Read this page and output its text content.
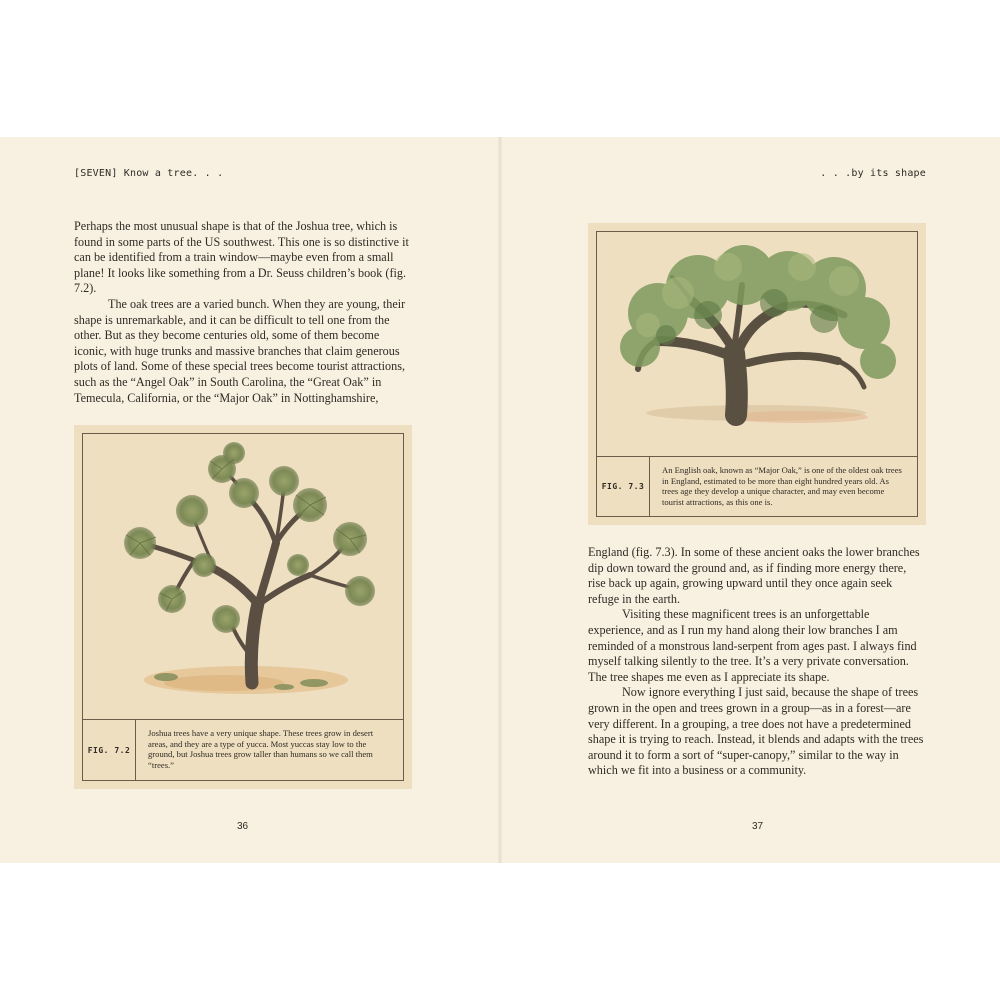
[SEVEN] Know a tree. . .	. . .by its shape

Perhaps the most unusual shape is that of the Joshua tree, which is found in some parts of the US southwest. This one is so distinctive it can be identified from a train window—maybe even from a small plane! It looks like something from a Dr. Seuss children’s book (fig. 7.2).

The oak trees are a varied bunch. When they are young, their shape is unremarkable, and it can be difficult to tell one from the other. But as they become centuries old, some of them become iconic, with huge trunks and massive branches that claim generous plots of land. Some of these special trees become tourist attractions, such as the “Angel Oak” in South Carolina, the “Great Oak” in Temecula, California, or the “Major Oak” in Nottinghamshire,

FIG. 7.2
Joshua trees have a very unique shape. These trees grow in desert areas, and they are a type of yucca. Most yuccas stay low to the ground, but Joshua trees grow taller than humans so we call them “trees.”
36
FIG. 7.3
An English oak, known as “Major Oak,” is one of the oldest oak trees in England, estimated to be more than eight hundred years old. As trees age they develop a unique character, and may even become tourist attractions, as this one is.

England (fig. 7.3). In some of these ancient oaks the lower branches dip down toward the ground and, as if finding more energy there, rise back up again, growing upward until they once again seek refuge in the earth.

Visiting these magnificent trees is an unforgettable experience, and as I run my hand along their low branches I am reminded of a monstrous land-serpent from ages past. I always find myself talking silently to the tree. It’s a very private conversation. The tree shapes me even as I appreciate its shape.

Now ignore everything I just said, because the shape of trees grown in the open and trees grown in a group—as in a forest—are very different. In a grouping, a tree does not have a predetermined shape it is trying to reach. Instead, it blends and adapts with the trees around it to form a sort of “super-canopy,” similar to the way in which we fit into a business or a community.

37
